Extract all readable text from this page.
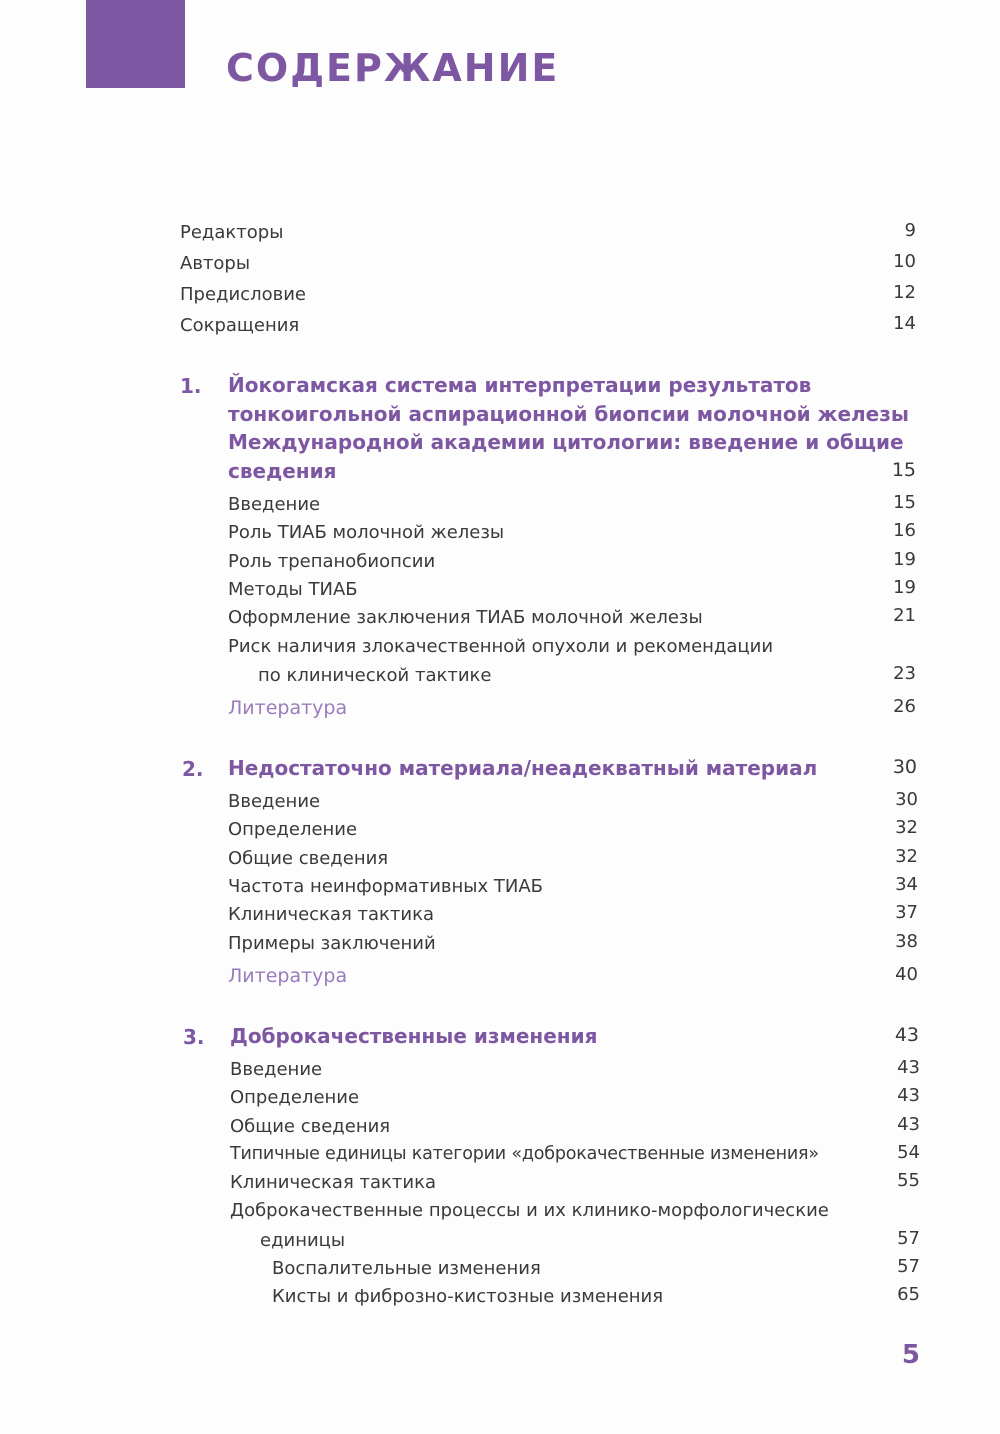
СОДЕРЖАНИЕ
Редакторы	9
Авторы	10
Предисловие	12
Сокращения	14
1. Йокогамская система интерпретации результатов
тонкоигольной аспирационной биопсии молочной железы
Международной академии цитологии: введение и общие
сведения	15
Введение	15
Роль ТИАБ молочной железы	16
Роль трепанобиопсии	19
Методы ТИАБ	19
Оформление заключения ТИАБ молочной железы	21
Риск наличия злокачественной опухоли и рекомендации
по клинической тактике	23
Литература	26
2. Недостаточно материала/неадекватный материал	30
Введение	30
Определение	32
Общие сведения	32
Частота неинформативных ТИАБ	34
Клиническая тактика	37
Примеры заключений	38
Литература	40
3. Доброкачественные изменения	43
Введение	43
Определение	43
Общие сведения	43
Типичные единицы категории «доброкачественные изменения»	54
Клиническая тактика	55
Доброкачественные процессы и их клинико-морфологические
единицы	57
Воспалительные изменения	57
Кисты и фиброзно-кистозные изменения	65
5
